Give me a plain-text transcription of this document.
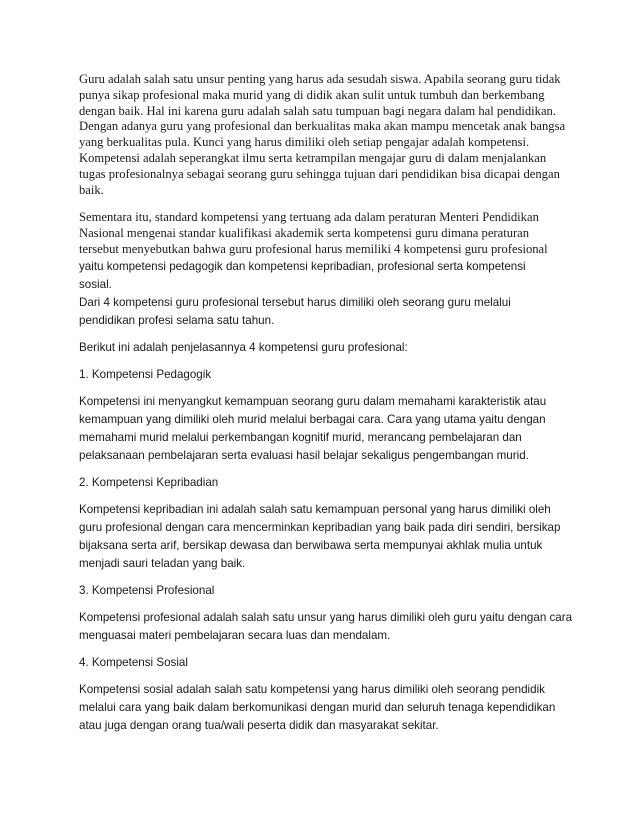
Guru adalah salah satu unsur penting yang harus ada sesudah siswa. Apabila seorang guru tidak
punya sikap profesional maka murid yang di didik akan sulit untuk tumbuh dan berkembang
dengan baik. Hal ini karena guru adalah salah satu tumpuan bagi negara dalam hal pendidikan.
Dengan adanya guru yang profesional dan berkualitas maka akan mampu mencetak anak bangsa
yang berkualitas pula. Kunci yang harus dimiliki oleh setiap pengajar adalah kompetensi.
Kompetensi adalah seperangkat ilmu serta ketrampilan mengajar guru di dalam menjalankan
tugas profesionalnya sebagai seorang guru sehingga tujuan dari pendidikan bisa dicapai dengan
baik.
Sementara itu, standard kompetensi yang tertuang ada dalam peraturan Menteri Pendidikan
Nasional mengenai standar kualifikasi akademik serta kompetensi guru dimana peraturan
tersebut menyebutkan bahwa guru profesional harus memiliki 4 kompetensi guru profesional
yaitu kompetensi pedagogik dan kompetensi kepribadian, profesional serta kompetensi
sosial.
Dari 4 kompetensi guru profesional tersebut harus dimiliki oleh seorang guru melalui
pendidikan profesi selama satu tahun.
Berikut ini adalah penjelasannya 4 kompetensi guru profesional:
1. Kompetensi Pedagogik
Kompetensi ini menyangkut kemampuan seorang guru dalam memahami karakteristik atau
kemampuan yang dimiliki oleh murid melalui berbagai cara. Cara yang utama yaitu dengan
memahami murid melalui perkembangan kognitif murid, merancang pembelajaran dan
pelaksanaan pembelajaran serta evaluasi hasil belajar sekaligus pengembangan murid.
2. Kompetensi Kepribadian
Kompetensi kepribadian ini adalah salah satu kemampuan personal yang harus dimiliki oleh
guru profesional dengan cara mencerminkan kepribadian yang baik pada diri sendiri, bersikap
bijaksana serta arif, bersikap dewasa dan berwibawa serta mempunyai akhlak mulia untuk
menjadi sauri teladan yang baik.
3. Kompetensi Profesional
Kompetensi profesional adalah salah satu unsur yang harus dimiliki oleh guru yaitu dengan cara
menguasai materi pembelajaran secara luas dan mendalam.
4. Kompetensi Sosial
Kompetensi sosial adalah salah satu kompetensi yang harus dimiliki oleh seorang pendidik
melalui cara yang baik dalam berkomunikasi dengan murid dan seluruh tenaga kependidikan
atau juga dengan orang tua/wali peserta didik dan masyarakat sekitar.
